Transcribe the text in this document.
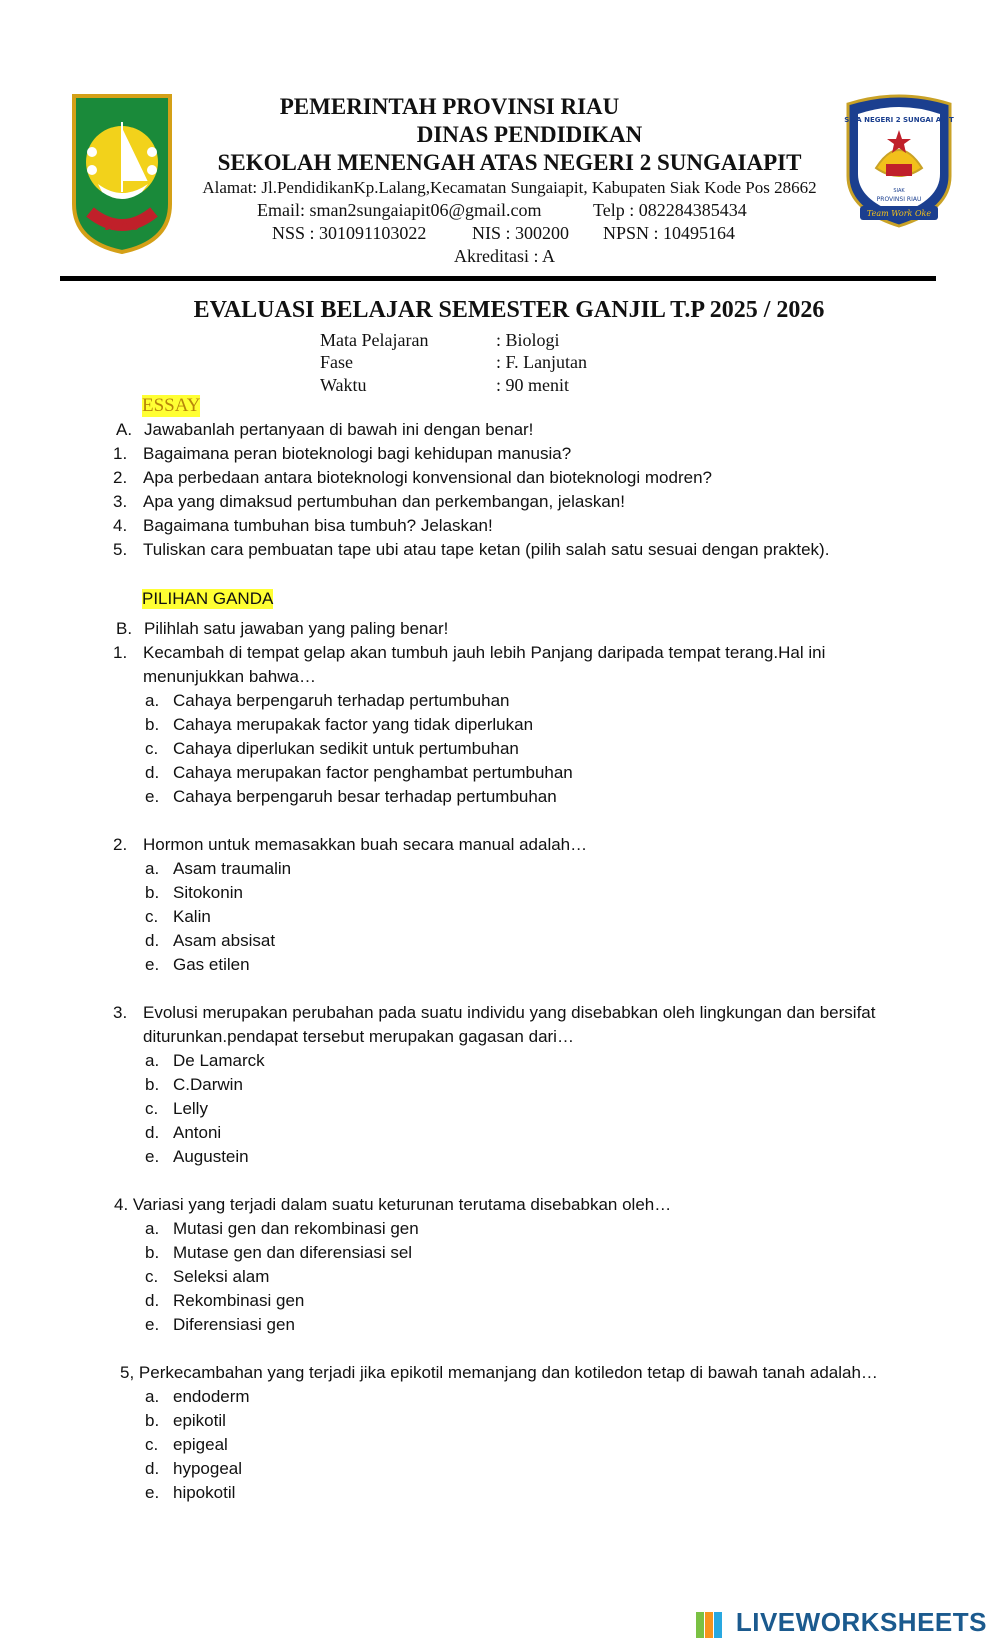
RIAU
SMA NEGERI 2 SUNGAI APIT
SIAK
PROVINSI RIAU
Team Work Oke
PEMERINTAH PROVINSI RIAU
DINAS PENDIDIKAN
SEKOLAH MENENGAH ATAS NEGERI 2 SUNGAIAPIT
Alamat: Jl.PendidikanKp.Lalang,Kecamatan Sungaiapit, Kabupaten Siak Kode Pos 28662
Email: sman2sungaiapit06@gmail.com	Telp : 082284385434
NSS : 301091103022	NIS : 300200 NPSN : 10495164
Akreditasi : A
EVALUASI BELAJAR SEMESTER GANJIL T.P 2025 / 2026
Mata Pelajaran	: Biologi
Fase	: F. Lanjutan
Waktu	: 90 menit
ESSAY
A. Jawabanlah pertanyaan di bawah ini dengan benar!
1. Bagaimana peran bioteknologi bagi kehidupan manusia?
2. Apa perbedaan antara bioteknologi konvensional dan bioteknologi modren?
3. Apa yang dimaksud pertumbuhan dan perkembangan, jelaskan!
4. Bagaimana tumbuhan bisa tumbuh? Jelaskan!
5. Tuliskan cara pembuatan tape ubi atau tape ketan (pilih salah satu sesuai dengan praktek).
PILIHAN GANDA
B. Pilihlah satu jawaban yang paling benar!
1. Kecambah di tempat gelap akan tumbuh jauh lebih Panjang daripada tempat terang.Hal ini
menunjukkan bahwa…
a. Cahaya berpengaruh terhadap pertumbuhan
b. Cahaya merupakak factor yang tidak diperlukan
c. Cahaya diperlukan sedikit untuk pertumbuhan
d. Cahaya merupakan factor penghambat pertumbuhan
e. Cahaya berpengaruh besar terhadap pertumbuhan
2. Hormon untuk memasakkan buah secara manual adalah…
a. Asam traumalin
b. Sitokonin
c. Kalin
d. Asam absisat
e. Gas etilen
3. Evolusi merupakan perubahan pada suatu individu yang disebabkan oleh lingkungan dan bersifat
diturunkan.pendapat tersebut merupakan gagasan dari…
a. De Lamarck
b. C.Darwin
c. Lelly
d. Antoni
e. Augustein
4. Variasi yang terjadi dalam suatu keturunan terutama disebabkan oleh…
a. Mutasi gen dan rekombinasi gen
b. Mutase gen dan diferensiasi sel
c. Seleksi alam
d. Rekombinasi gen
e. Diferensiasi gen
5, Perkecambahan yang terjadi jika epikotil memanjang dan kotiledon tetap di bawah tanah adalah…
a. endoderm
b. epikotil
c. epigeal
d. hypogeal
e. hipokotil
LIVEWORKSHEETS
